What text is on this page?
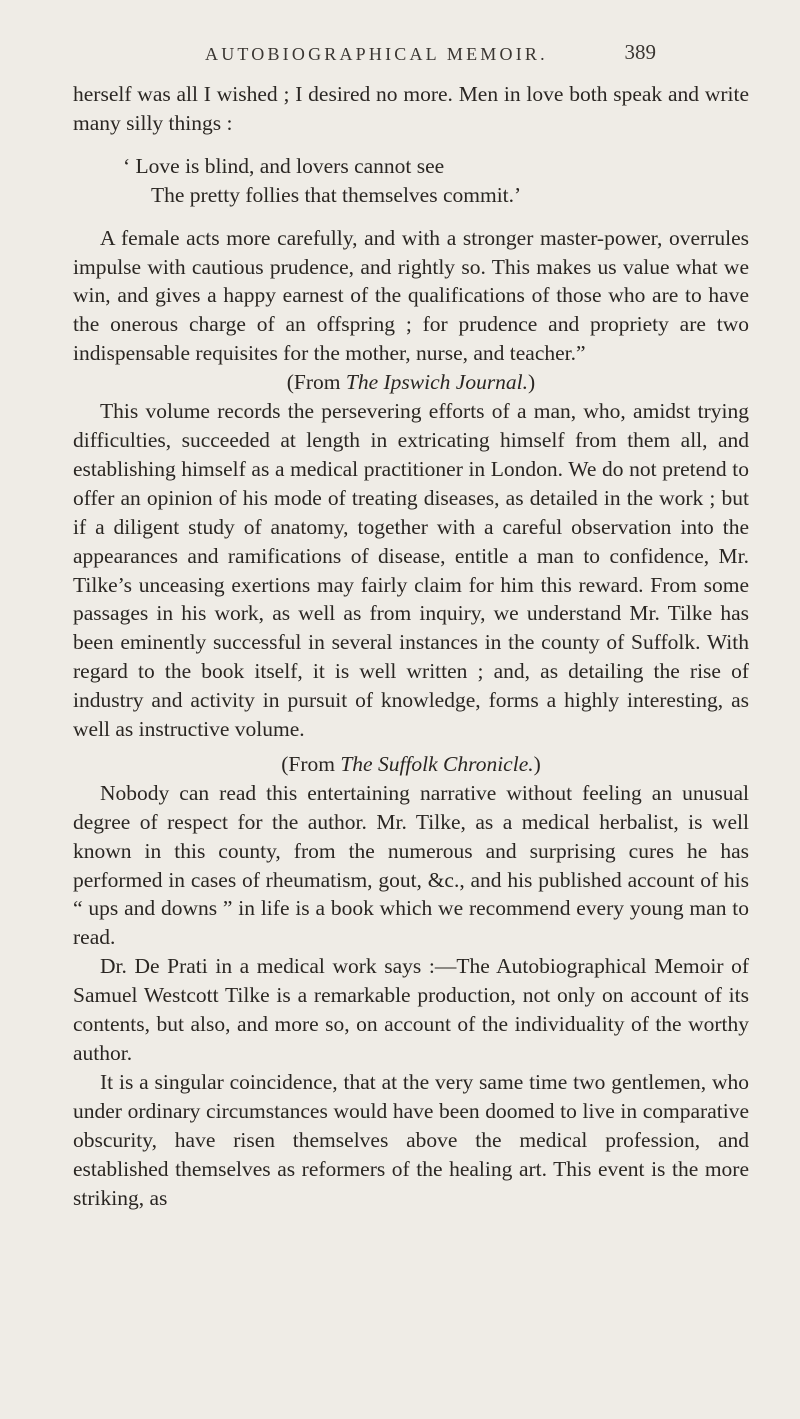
AUTOBIOGRAPHICAL MEMOIR.	389

herself was all I wished ; I desired no more. Men in love both speak and write many silly things :

‘ Love is blind, and lovers cannot see

The pretty follies that themselves commit.’

A female acts more carefully, and with a stronger master-power, overrules impulse with cautious prudence, and rightly so. This makes us value what we win, and gives a happy earnest of the qualifications of those who are to have the onerous charge of an offspring ; for prudence and propriety are two indispensable requisites for the mother, nurse, and teacher.”

(From The Ipswich Journal.)

This volume records the persevering efforts of a man, who, amidst trying difficulties, succeeded at length in extricating himself from them all, and establishing himself as a medical practitioner in London. We do not pretend to offer an opinion of his mode of treating diseases, as detailed in the work ; but if a diligent study of anatomy, together with a careful observation into the appearances and ramifications of disease, entitle a man to confidence, Mr. Tilke’s unceasing exertions may fairly claim for him this reward. From some passages in his work, as well as from inquiry, we understand Mr. Tilke has been eminently successful in several instances in the county of Suffolk. With regard to the book itself, it is well written ; and, as detailing the rise of industry and activity in pursuit of knowledge, forms a highly interesting, as well as instructive volume.

(From The Suffolk Chronicle.)

Nobody can read this entertaining narrative without feeling an unusual degree of respect for the author. Mr. Tilke, as a medical herbalist, is well known in this county, from the numerous and surprising cures he has performed in cases of rheumatism, gout, &c., and his published account of his “ ups and downs ” in life is a book which we recommend every young man to read.

Dr. De Prati in a medical work says :—The Autobiographical Memoir of Samuel Westcott Tilke is a remarkable production, not only on account of its contents, but also, and more so, on account of the individuality of the worthy author.

It is a singular coincidence, that at the very same time two gentlemen, who under ordinary circumstances would have been doomed to live in comparative obscurity, have risen themselves above the medical profession, and established themselves as reformers of the healing art. This event is the more striking, as
